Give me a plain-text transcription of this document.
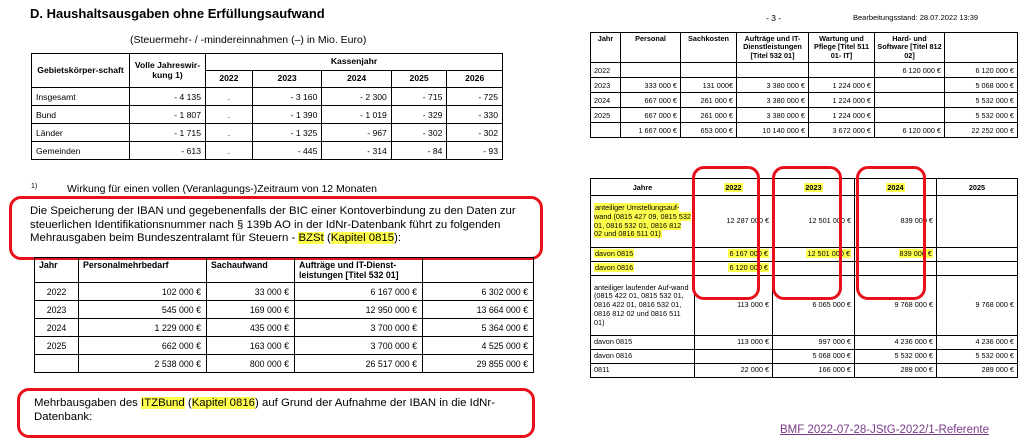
D. Haushaltsausgaben ohne Erfüllungsaufwand
(Steuermehr- / -mindereinnahmen (–) in Mio. Euro)
Gebietskörper-schaft	Volle Jahreswir-kung 1)	Kassenjahr				
		2022	2023	2024	2025	2026
Insgesamt	- 4 135	.	- 3 160	- 2 300	- 715	- 725
Bund	- 1 807	.	- 1 390	- 1 019	- 329	- 330
Länder	- 1 715	.	- 1 325	- 967	- 302	- 302
Gemeinden	- 613	.	- 445	- 314	- 84	- 93
1)	Wirkung für einen vollen (Veranlagungs-)Zeitraum von 12 Monaten
Die Speicherung der IBAN und gegebenenfalls der BIC einer Kontoverbindung zu den Daten zur steuerlichen Identifikationsnummer nach § 139b AO in der IdNr-Datenbank führt zu folgenden Mehrausgaben beim Bundeszentralamt für Steuern - BZSt (Kapitel 0815):
Jahr	Personalmehrbedarf	Sachaufwand	Aufträge und IT-Dienst-leistungen [Titel 532 01]	
2022	102 000 €	33 000 €	6 167 000 €	6 302 000 €
2023	545 000 €	169 000 €	12 950 000 €	13 664 000 €
2024	1 229 000 €	435 000 €	3 700 000 €	5 364 000 €
2025	662 000 €	163 000 €	3 700 000 €	4 525 000 €
	2 538 000 €	800 000 €	26 517 000 €	29 855 000 €
Mehrbausgaben des ITZBund (Kapitel 0816) auf Grund der Aufnahme der IBAN in die IdNr-Datenbank:
- 3 -	Bearbeitungsstand: 28.07.2022 13:39
Jahr	Personal	Sachkosten	Aufträge und IT-Dienstleistungen [Titel 532 01]	Wartung und Pflege [Titel 511 01- IT]	Hard- und Software [Titel 812 02]	
2022					6 120 000 €	6 120 000 €
2023	333 000 €	131 000€	3 380 000 €	1 224 000 €		5 068 000 €
2024	667 000 €	261 000 €	3 380 000 €	1 224 000 €		5 532 000 €
2025	667 000 €	261 000 €	3 380 000 €	1 224 000 €		5 532 000 €
	1 667 000 €	653 000 €	10 140 000 €	3 672 000 €	6 120 000 €	22 252 000 €
Jahre	2022	2023	2024	2025
anteiliger Umstellungsauf-wand (0815 427 09, 0815 532 01, 0816 532 01, 0816 812 02 und 0816 511 01)	12 287 000 €	12 501 000 €	839 000 €	
davon 0815	6 167 000 €	12 501 000 €	839 000 €	
davon 0816	6 120 000 €			
anteiliger laufender Auf-wand (0815 422 01, 0815 532 01, 0816 422 01, 0816 532 01, 0816 812 02 und 0816 511 01)	113 000 €	6 065 000 €	9 768 000 €	9 768 000 €
davon 0815	113 000 €	997 000 €	4 236 000 €	4 236 000 €
davon 0816		5 068 000 €	5 532 000 €	5 532 000 €
0811	22 000 €	166 000 €	289 000 €	289 000 €
BMF 2022-07-28-JStG-2022/1-Referente
